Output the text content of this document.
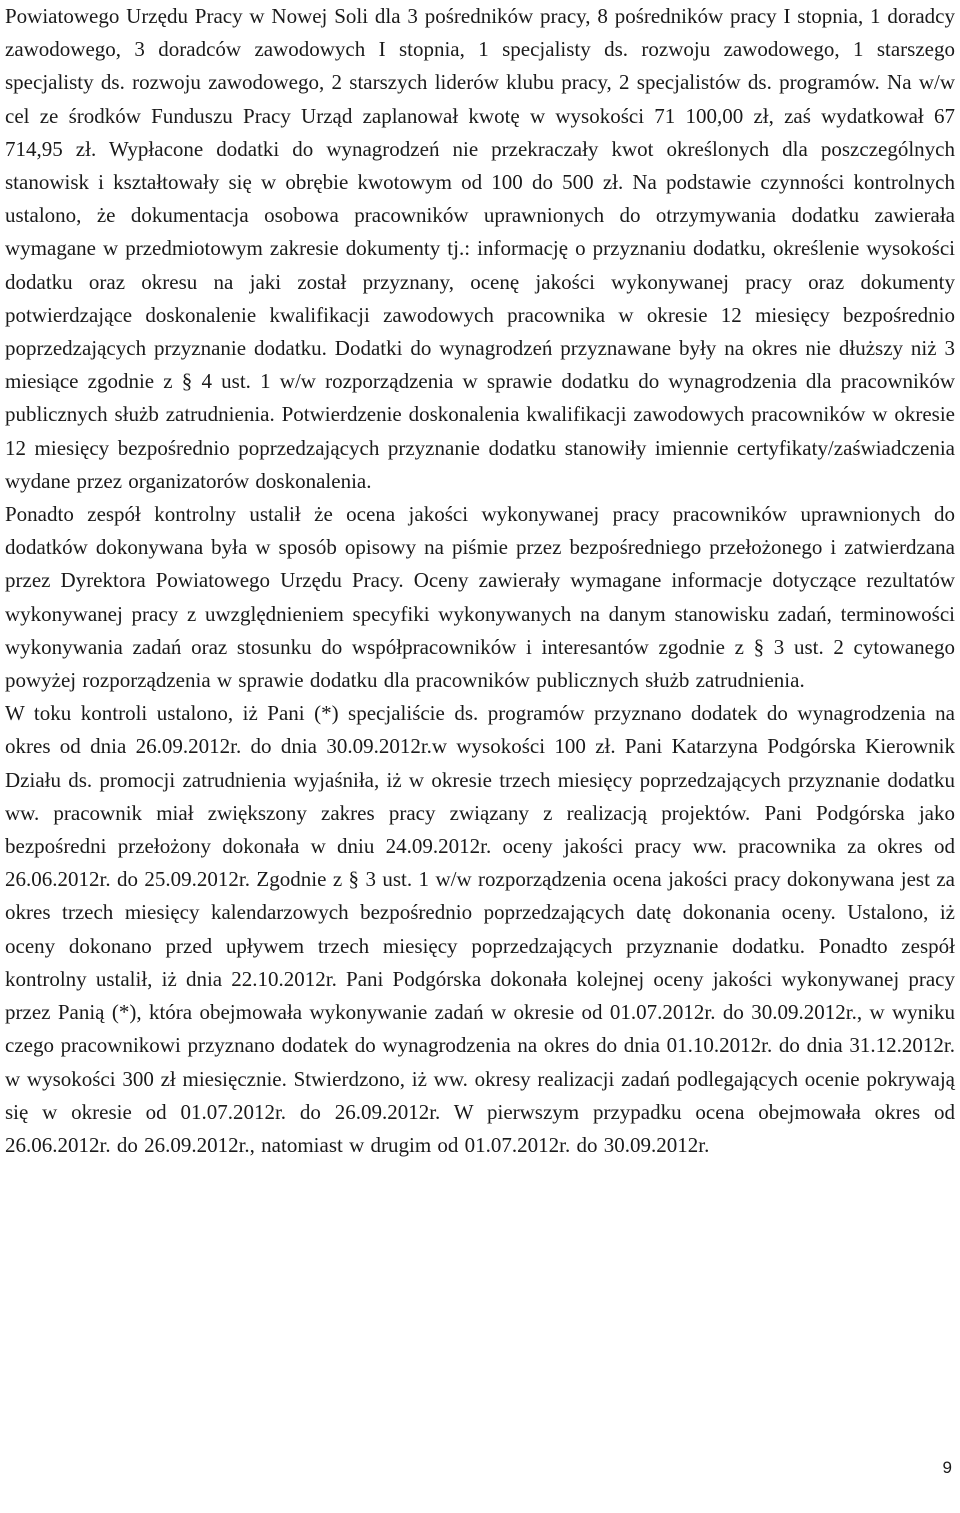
Powiatowego Urzędu Pracy w Nowej Soli dla 3 pośredników pracy, 8 pośredników pracy I stopnia, 1 doradcy zawodowego, 3 doradców zawodowych I stopnia, 1 specjalisty ds. rozwoju zawodowego, 1 starszego specjalisty ds. rozwoju zawodowego, 2 starszych liderów klubu pracy, 2 specjalistów ds. programów. Na w/w cel ze środków Funduszu Pracy Urząd zaplanował kwotę w wysokości 71 100,00 zł, zaś wydatkował 67 714,95 zł. Wypłacone dodatki do wynagrodzeń nie przekraczały kwot określonych dla poszczególnych stanowisk i kształtowały się w obrębie kwotowym od 100 do 500 zł. Na podstawie czynności kontrolnych ustalono, że dokumentacja osobowa pracowników uprawnionych do otrzymywania dodatku zawierała wymagane w przedmiotowym zakresie dokumenty tj.: informację o przyznaniu dodatku, określenie wysokości dodatku oraz okresu na jaki został przyznany, ocenę jakości wykonywanej pracy oraz dokumenty potwierdzające doskonalenie kwalifikacji zawodowych pracownika w okresie 12 miesięcy bezpośrednio poprzedzających przyznanie dodatku. Dodatki do wynagrodzeń przyznawane były na okres nie dłuższy niż 3 miesiące zgodnie z § 4 ust. 1 w/w rozporządzenia w sprawie dodatku do wynagrodzenia dla pracowników publicznych służb zatrudnienia. Potwierdzenie doskonalenia kwalifikacji zawodowych pracowników w okresie 12 miesięcy bezpośrednio poprzedzających przyznanie dodatku stanowiły imiennie certyfikaty/zaświadczenia wydane przez organizatorów doskonalenia.

Ponadto zespół kontrolny ustalił że ocena jakości wykonywanej pracy pracowników uprawnionych do dodatków dokonywana była w sposób opisowy na piśmie przez bezpośredniego przełożonego i zatwierdzana przez Dyrektora Powiatowego Urzędu Pracy. Oceny zawierały wymagane informacje dotyczące rezultatów wykonywanej pracy z uwzględnieniem specyfiki wykonywanych na danym stanowisku zadań, terminowości wykonywania zadań oraz stosunku do współpracowników i interesantów zgodnie z § 3 ust. 2 cytowanego powyżej rozporządzenia w sprawie dodatku dla pracowników publicznych służb zatrudnienia.

W toku kontroli ustalono, iż Pani (*) specjaliście ds. programów przyznano dodatek do wynagrodzenia na okres od dnia 26.09.2012r. do dnia 30.09.2012r.w wysokości 100 zł. Pani Katarzyna Podgórska Kierownik Działu ds. promocji zatrudnienia wyjaśniła, iż w okresie trzech miesięcy poprzedzających przyznanie dodatku ww. pracownik miał zwiększony zakres pracy związany z realizacją projektów. Pani Podgórska jako bezpośredni przełożony dokonała w dniu 24.09.2012r. oceny jakości pracy ww. pracownika za okres od 26.06.2012r. do 25.09.2012r. Zgodnie z § 3 ust. 1 w/w rozporządzenia ocena jakości pracy dokonywana jest za okres trzech miesięcy kalendarzowych bezpośrednio poprzedzających datę dokonania oceny. Ustalono, iż oceny dokonano przed upływem trzech miesięcy poprzedzających przyznanie dodatku. Ponadto zespół kontrolny ustalił, iż dnia 22.10.2012r. Pani Podgórska dokonała kolejnej oceny jakości wykonywanej pracy przez Panią (*), która obejmowała wykonywanie zadań w okresie od 01.07.2012r. do 30.09.2012r., w wyniku czego pracownikowi przyznano dodatek do wynagrodzenia na okres do dnia 01.10.2012r. do dnia 31.12.2012r. w wysokości 300 zł miesięcznie. Stwierdzono, iż ww. okresy realizacji zadań podlegających ocenie pokrywają się w okresie od 01.07.2012r. do 26.09.2012r. W pierwszym przypadku ocena obejmowała okres od 26.06.2012r. do 26.09.2012r., natomiast w drugim od 01.07.2012r. do 30.09.2012r.

9
